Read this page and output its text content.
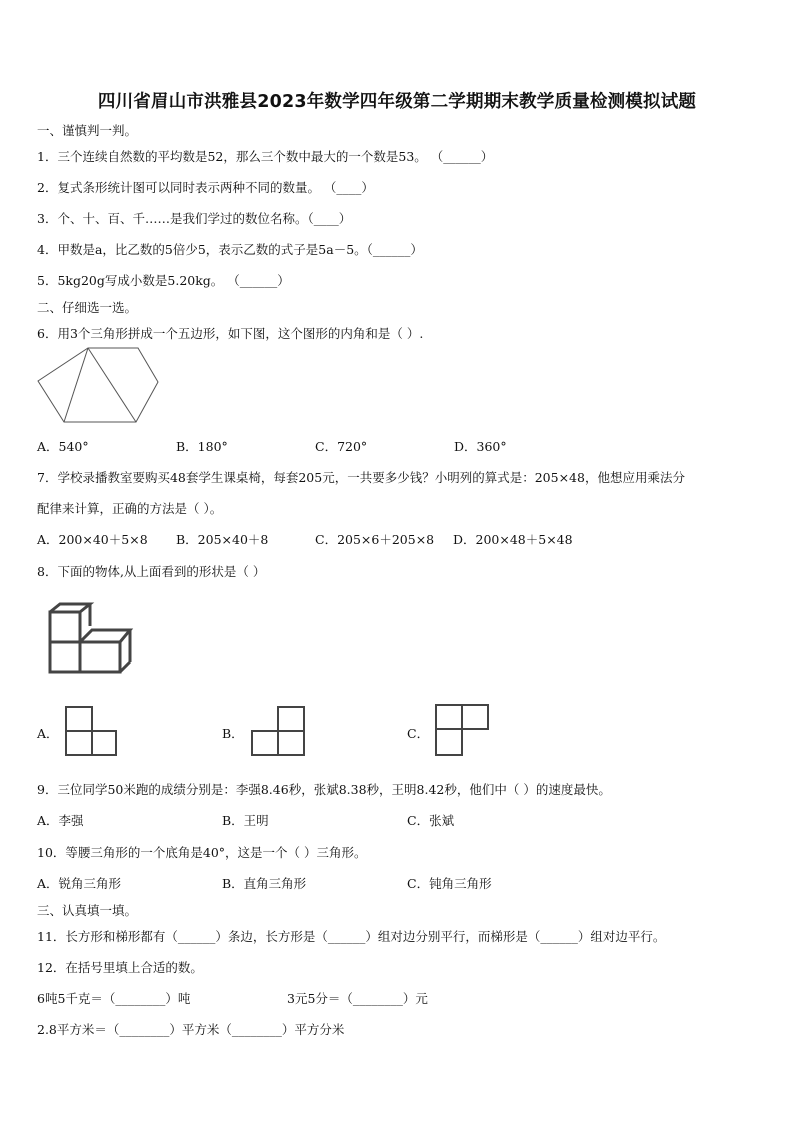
四川省眉山市洪雅县2023年数学四年级第二学期期末教学质量检测模拟试题
一、谨慎判一判。
1．三个连续自然数的平均数是52，那么三个数中最大的一个数是53。 （______）
2．复式条形统计图可以同时表示两种不同的数量。 （____）
3．个、十、百、千……是我们学过的数位名称。（____）
4．甲数是a，比乙数的5倍少5，表示乙数的式子是5a－5。（______）
5．5kg20g写成小数是5.20kg。 （______）
二、仔细选一选。
6．用3个三角形拼成一个五边形，如下图，这个图形的内角和是（ ）.
A．540°	B．180°	C．720°	D．360°
7．学校录播教室要购买48套学生课桌椅，每套205元，一共要多少钱？小明列的算式是：205×48，他想应用乘法分
配律来计算，正确的方法是（ ）。
A．200×40＋5×8 B．205×40＋8	C．205×6＋205×8 D．200×48＋5×48
8．下面的物体,从上面看到的形状是（ ）
A．	B．	C．
9．三位同学50米跑的成绩分别是：李强8.46秒，张斌8.38秒，王明8.42秒，他们中（ ）的速度最快。
A．李强	B．王明	C．张斌
10．等腰三角形的一个底角是40°，这是一个（ ）三角形。
A．锐角三角形	B．直角三角形	C．钝角三角形
三、认真填一填。
11．长方形和梯形都有（______）条边，长方形是（______）组对边分别平行，而梯形是（______）组对边平行。
12．在括号里填上合适的数。
6吨5千克＝（________）吨	3元5分＝（________）元
2.8平方米＝（________）平方米（________）平方分米
